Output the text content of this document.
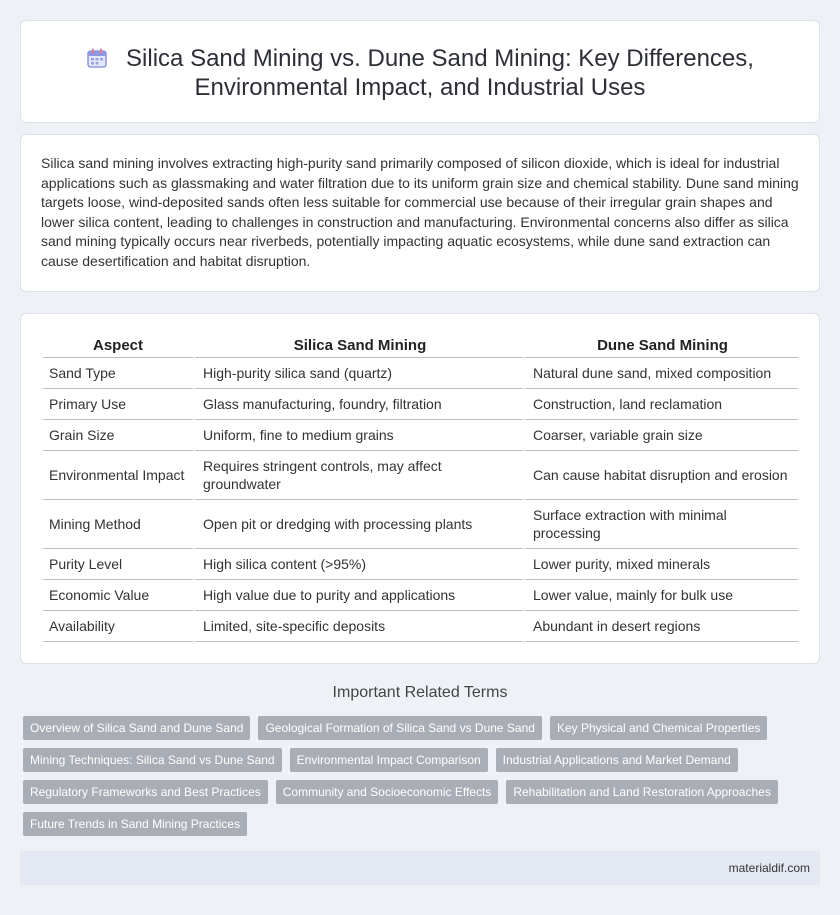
Silica Sand Mining vs. Dune Sand Mining: Key Differences,
Environmental Impact, and Industrial Uses

Silica sand mining involves extracting high-purity sand primarily composed of silicon dioxide, which is ideal for industrial applications such as glassmaking and water filtration due to its uniform grain size and chemical stability. Dune sand mining targets loose, wind-deposited sands often less suitable for commercial use because of their irregular grain shapes and lower silica content, leading to challenges in construction and manufacturing. Environmental concerns also differ as silica sand mining typically occurs near riverbeds, potentially impacting aquatic ecosystems, while dune sand extraction can cause desertification and habitat disruption.

Aspect	Silica Sand Mining	Dune Sand Mining
Sand Type	High-purity silica sand (quartz)	Natural dune sand, mixed composition
Primary Use	Glass manufacturing, foundry, filtration	Construction, land reclamation
Grain Size	Uniform, fine to medium grains	Coarser, variable grain size
Environmental Impact	Requires stringent controls, may affect groundwater	Can cause habitat disruption and erosion
Mining Method	Open pit or dredging with processing plants	Surface extraction with minimal processing
Purity Level	High silica content (>95%)	Lower purity, mixed minerals
Economic Value	High value due to purity and applications	Lower value, mainly for bulk use
Availability	Limited, site-specific deposits	Abundant in desert regions
Important Related Terms
Overview of Silica Sand and Dune Sand	Geological Formation of Silica Sand vs Dune Sand	Key Physical and Chemical Properties
Mining Techniques: Silica Sand vs Dune Sand	Environmental Impact Comparison	Industrial Applications and Market Demand
Regulatory Frameworks and Best Practices	Community and Socioeconomic Effects	Rehabilitation and Land Restoration Approaches
Future Trends in Sand Mining Practices
materialdif.com
